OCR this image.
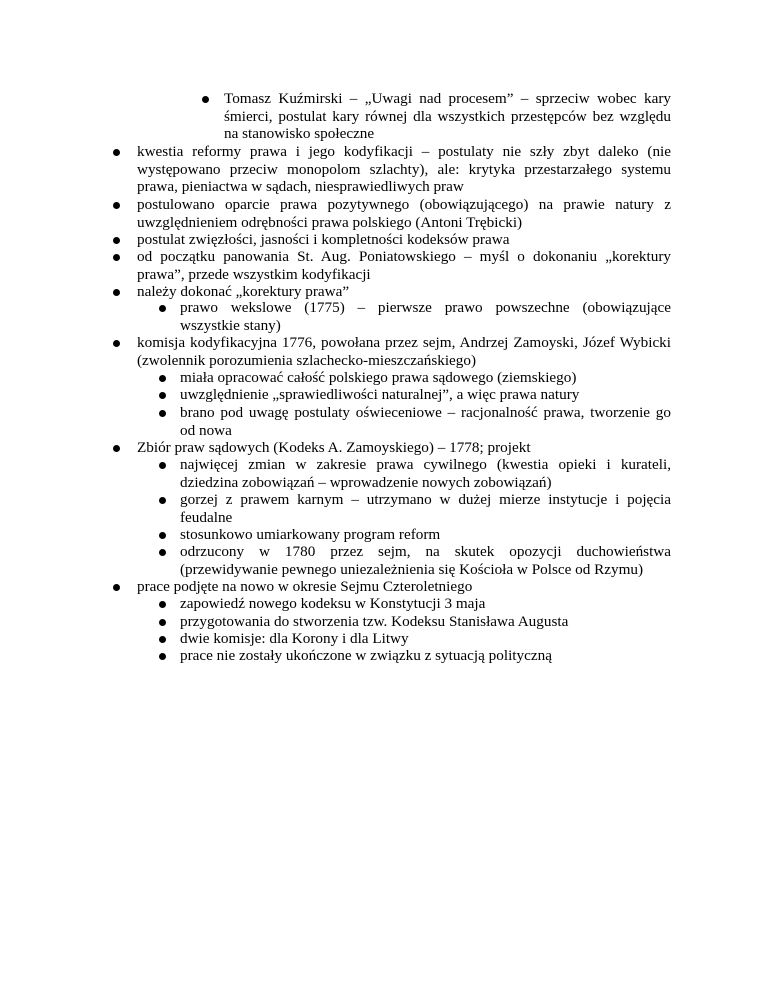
Tomasz Kuźmirski – „Uwagi nad procesem” – sprzeciw wobec kary śmierci, postulat kary równej dla wszystkich przestępców bez względu na stanowisko społeczne
kwestia reformy prawa i jego kodyfikacji – postulaty nie szły zbyt daleko (nie występowano przeciw monopolom szlachty), ale: krytyka przestarzałego systemu prawa, pieniactwa w sądach, niesprawiedliwych praw
postulowano oparcie prawa pozytywnego (obowiązującego) na prawie natury z uwzględnieniem odrębności prawa polskiego (Antoni Trębicki)
postulat zwięzłości, jasności i kompletności kodeksów prawa
od początku panowania St. Aug. Poniatowskiego – myśl o dokonaniu „korektury prawa”, przede wszystkim kodyfikacji
należy dokonać „korektury prawa”
prawo wekslowe (1775) – pierwsze prawo powszechne (obowiązujące wszystkie stany)
komisja kodyfikacyjna 1776, powołana przez sejm, Andrzej Zamoyski, Józef Wybicki (zwolennik porozumienia szlachecko-mieszczańskiego)
miała opracować całość polskiego prawa sądowego (ziemskiego)
uwzględnienie „sprawiedliwości naturalnej”, a więc prawa natury
brano pod uwagę postulaty oświeceniowe – racjonalność prawa, tworzenie go od nowa
Zbiór praw sądowych (Kodeks A. Zamoyskiego) – 1778; projekt
najwięcej zmian w zakresie prawa cywilnego (kwestia opieki i kurateli, dziedzina zobowiązań – wprowadzenie nowych zobowiązań)
gorzej z prawem karnym – utrzymano w dużej mierze instytucje i pojęcia feudalne
stosunkowo umiarkowany program reform
odrzucony w 1780 przez sejm, na skutek opozycji duchowieństwa (przewidywanie pewnego uniezależnienia się Kościoła w Polsce od Rzymu)
prace podjęte na nowo w okresie Sejmu Czteroletniego
zapowiedź nowego kodeksu w Konstytucji 3 maja
przygotowania do stworzenia tzw. Kodeksu Stanisława Augusta
dwie komisje: dla Korony i dla Litwy
prace nie zostały ukończone w związku z sytuacją polityczną
